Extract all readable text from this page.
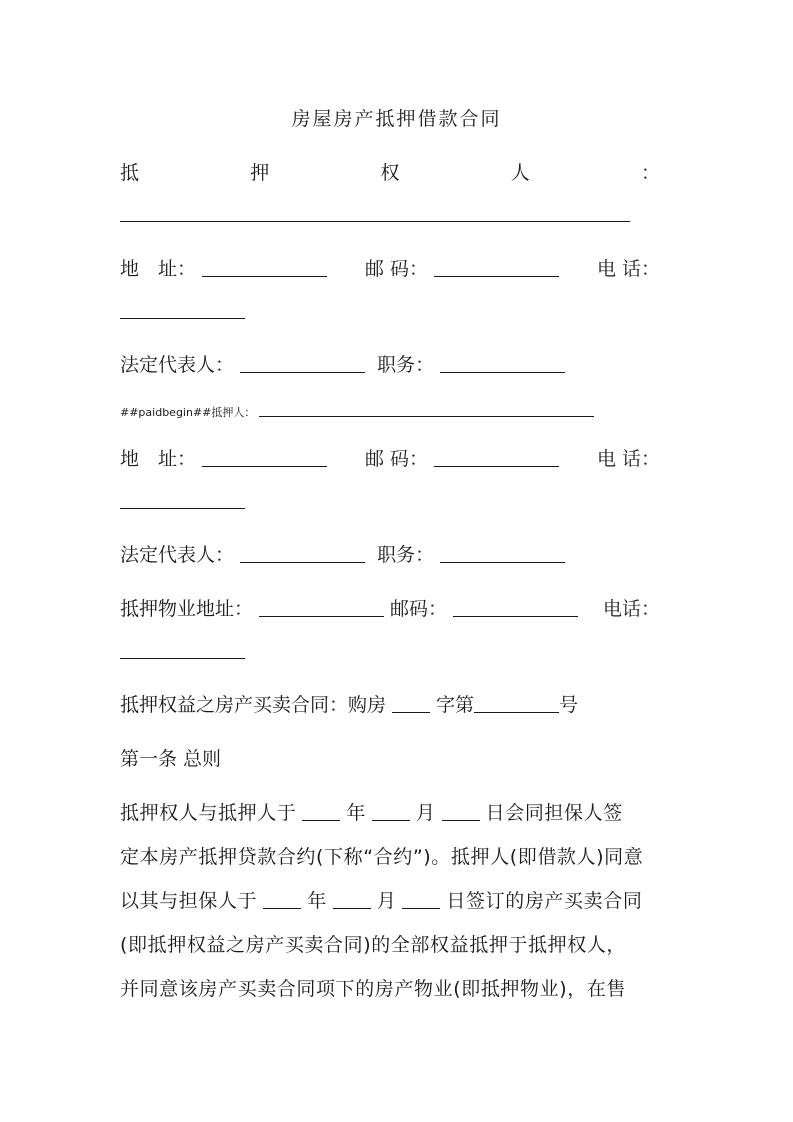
房屋房产抵押借款合同
抵	押	权	人	：
地　址：	邮 码：	电 话：
法定代表人：	职务：
##paidbegin##抵押人：
地　址：	邮 码：	电 话：
法定代表人：	职务：
抵押物业地址：	邮码：	电话：
抵押权益之房产买卖合同：购房	字第	号
第一条 总则

抵押权人与抵押人于	年	月	日会同担保人签

定本房产抵押贷款合约(下称“合约”)。抵押人(即借款人)同意

以其与担保人于	年	月	日签订的房产买卖合同

(即抵押权益之房产买卖合同)的全部权益抵押于抵押权人，

并同意该房产买卖合同项下的房产物业(即抵押物业)，在售
